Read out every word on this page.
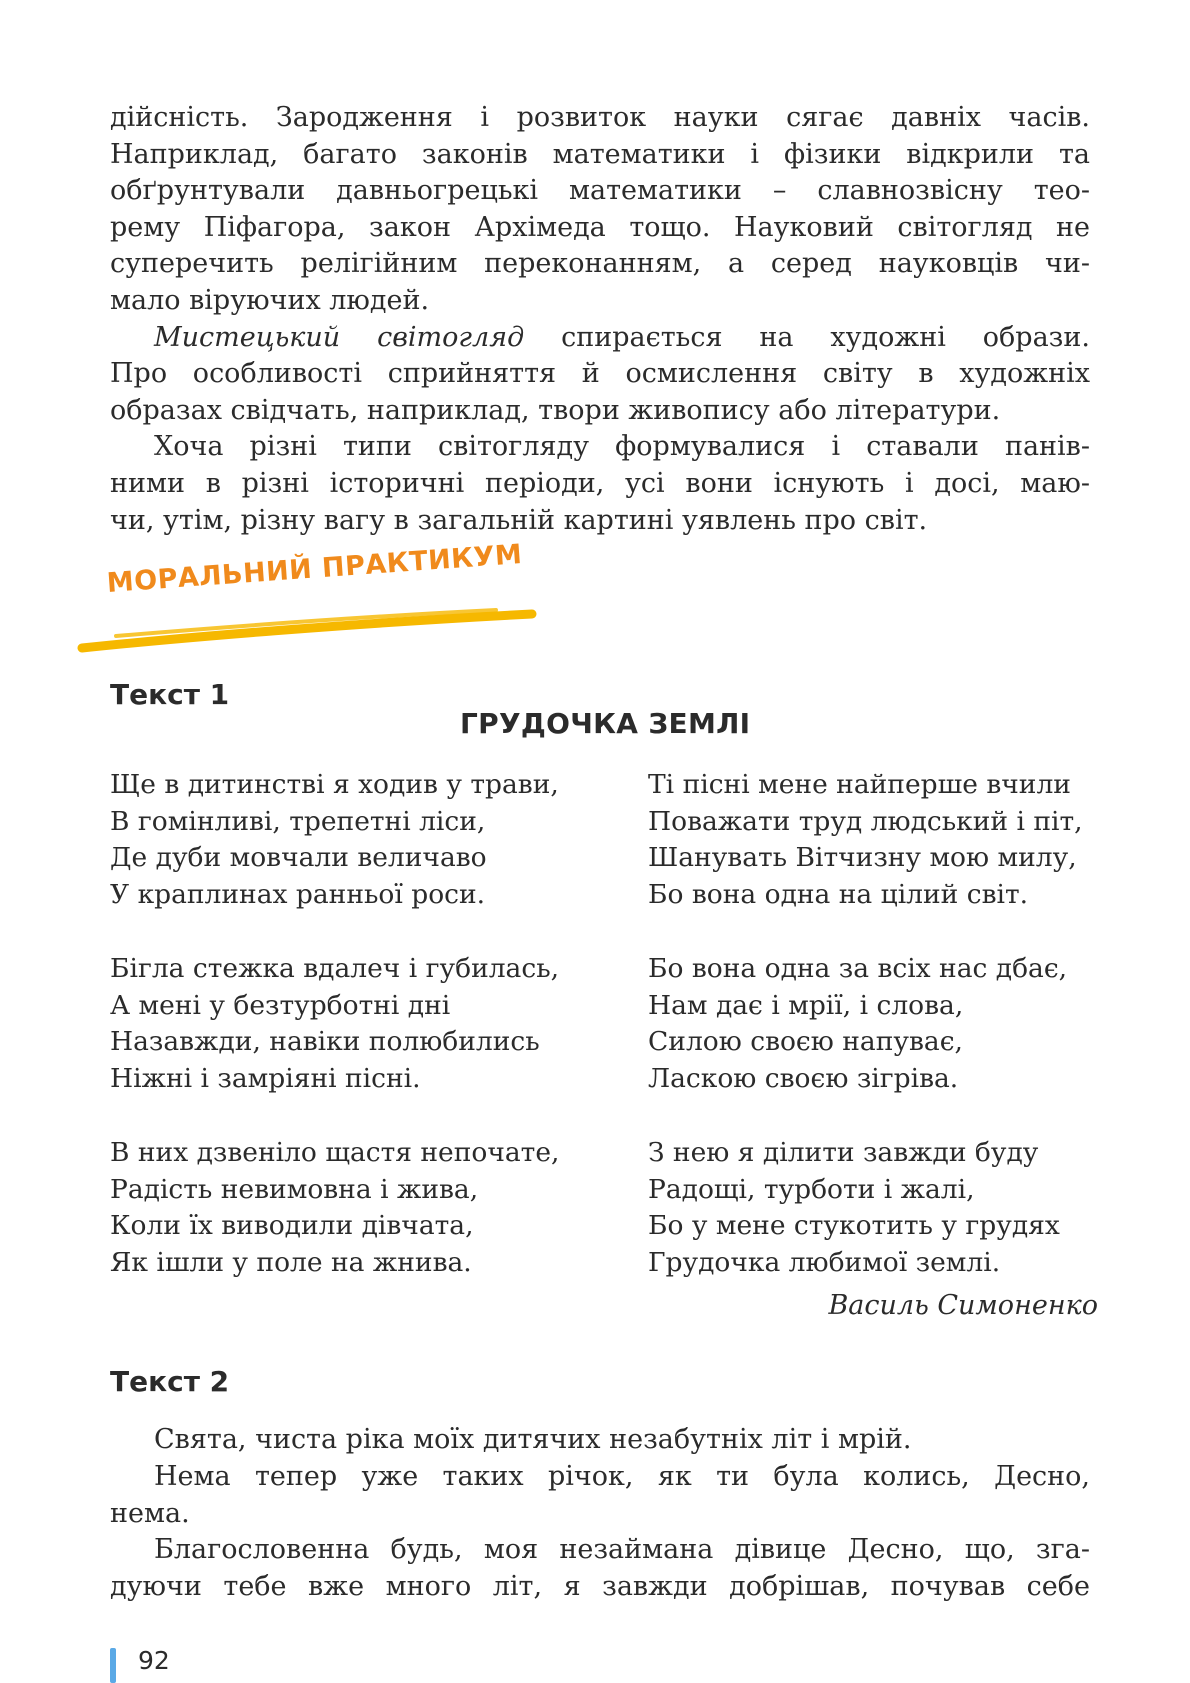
дійсність. Зародження і розвиток науки сягає давніх часів.
Наприклад, багато законів математики і фізики відкрили та
обґрунтували давньогрецькі математики – славнозвісну тео-
рему Піфагора, закон Архімеда тощо. Науковий світогляд не
суперечить релігійним переконанням, а серед науковців чи-
мало віруючих людей.
Мистецький світогляд спирається на художні образи.
Про особливості сприйняття й осмислення світу в художніх
образах свідчать, наприклад, твори живопису або літератури.
Хоча різні типи світогляду формувалися і ставали панів-
ними в різні історичні періоди, усі вони існують і досі, маю-
чи, утім, різну вагу в загальній картині уявлень про світ.
МОРАЛЬНИЙ ПРАКТИКУМ
Текст 1
ГРУДОЧКА ЗЕМЛІ
Ще в дитинстві я ходив у трави,
В гомінливі, трепетні ліси,
Де дуби мовчали величаво
У краплинах ранньої роси.
Бігла стежка вдалеч і губилась,
А мені у безтурботні дні
Назавжди, навіки полюбились
Ніжні і замріяні пісні.
В них дзвеніло щастя непочате,
Радість невимовна і жива,
Коли їх виводили дівчата,
Як ішли у поле на жнива.
Ті пісні мене найперше вчили
Поважати труд людський і піт,
Шанувать Вітчизну мою милу,
Бо вона одна на цілий світ.
Бо вона одна за всіх нас дбає,
Нам дає і мрії, і слова,
Силою своєю напуває,
Ласкою своєю зігріва.
З нею я ділити завжди буду
Радощі, турботи і жалі,
Бо у мене стукотить у грудях
Грудочка любимої землі.
Василь Симоненко
Текст 2
Свята, чиста ріка моїх дитячих незабутніх літ і мрій.
Нема тепер уже таких річок, як ти була колись, Десно,
нема.
Благословенна будь, моя незаймана дівице Десно, що, зга-
дуючи тебе вже много літ, я завжди добрішав, почував себе
92
